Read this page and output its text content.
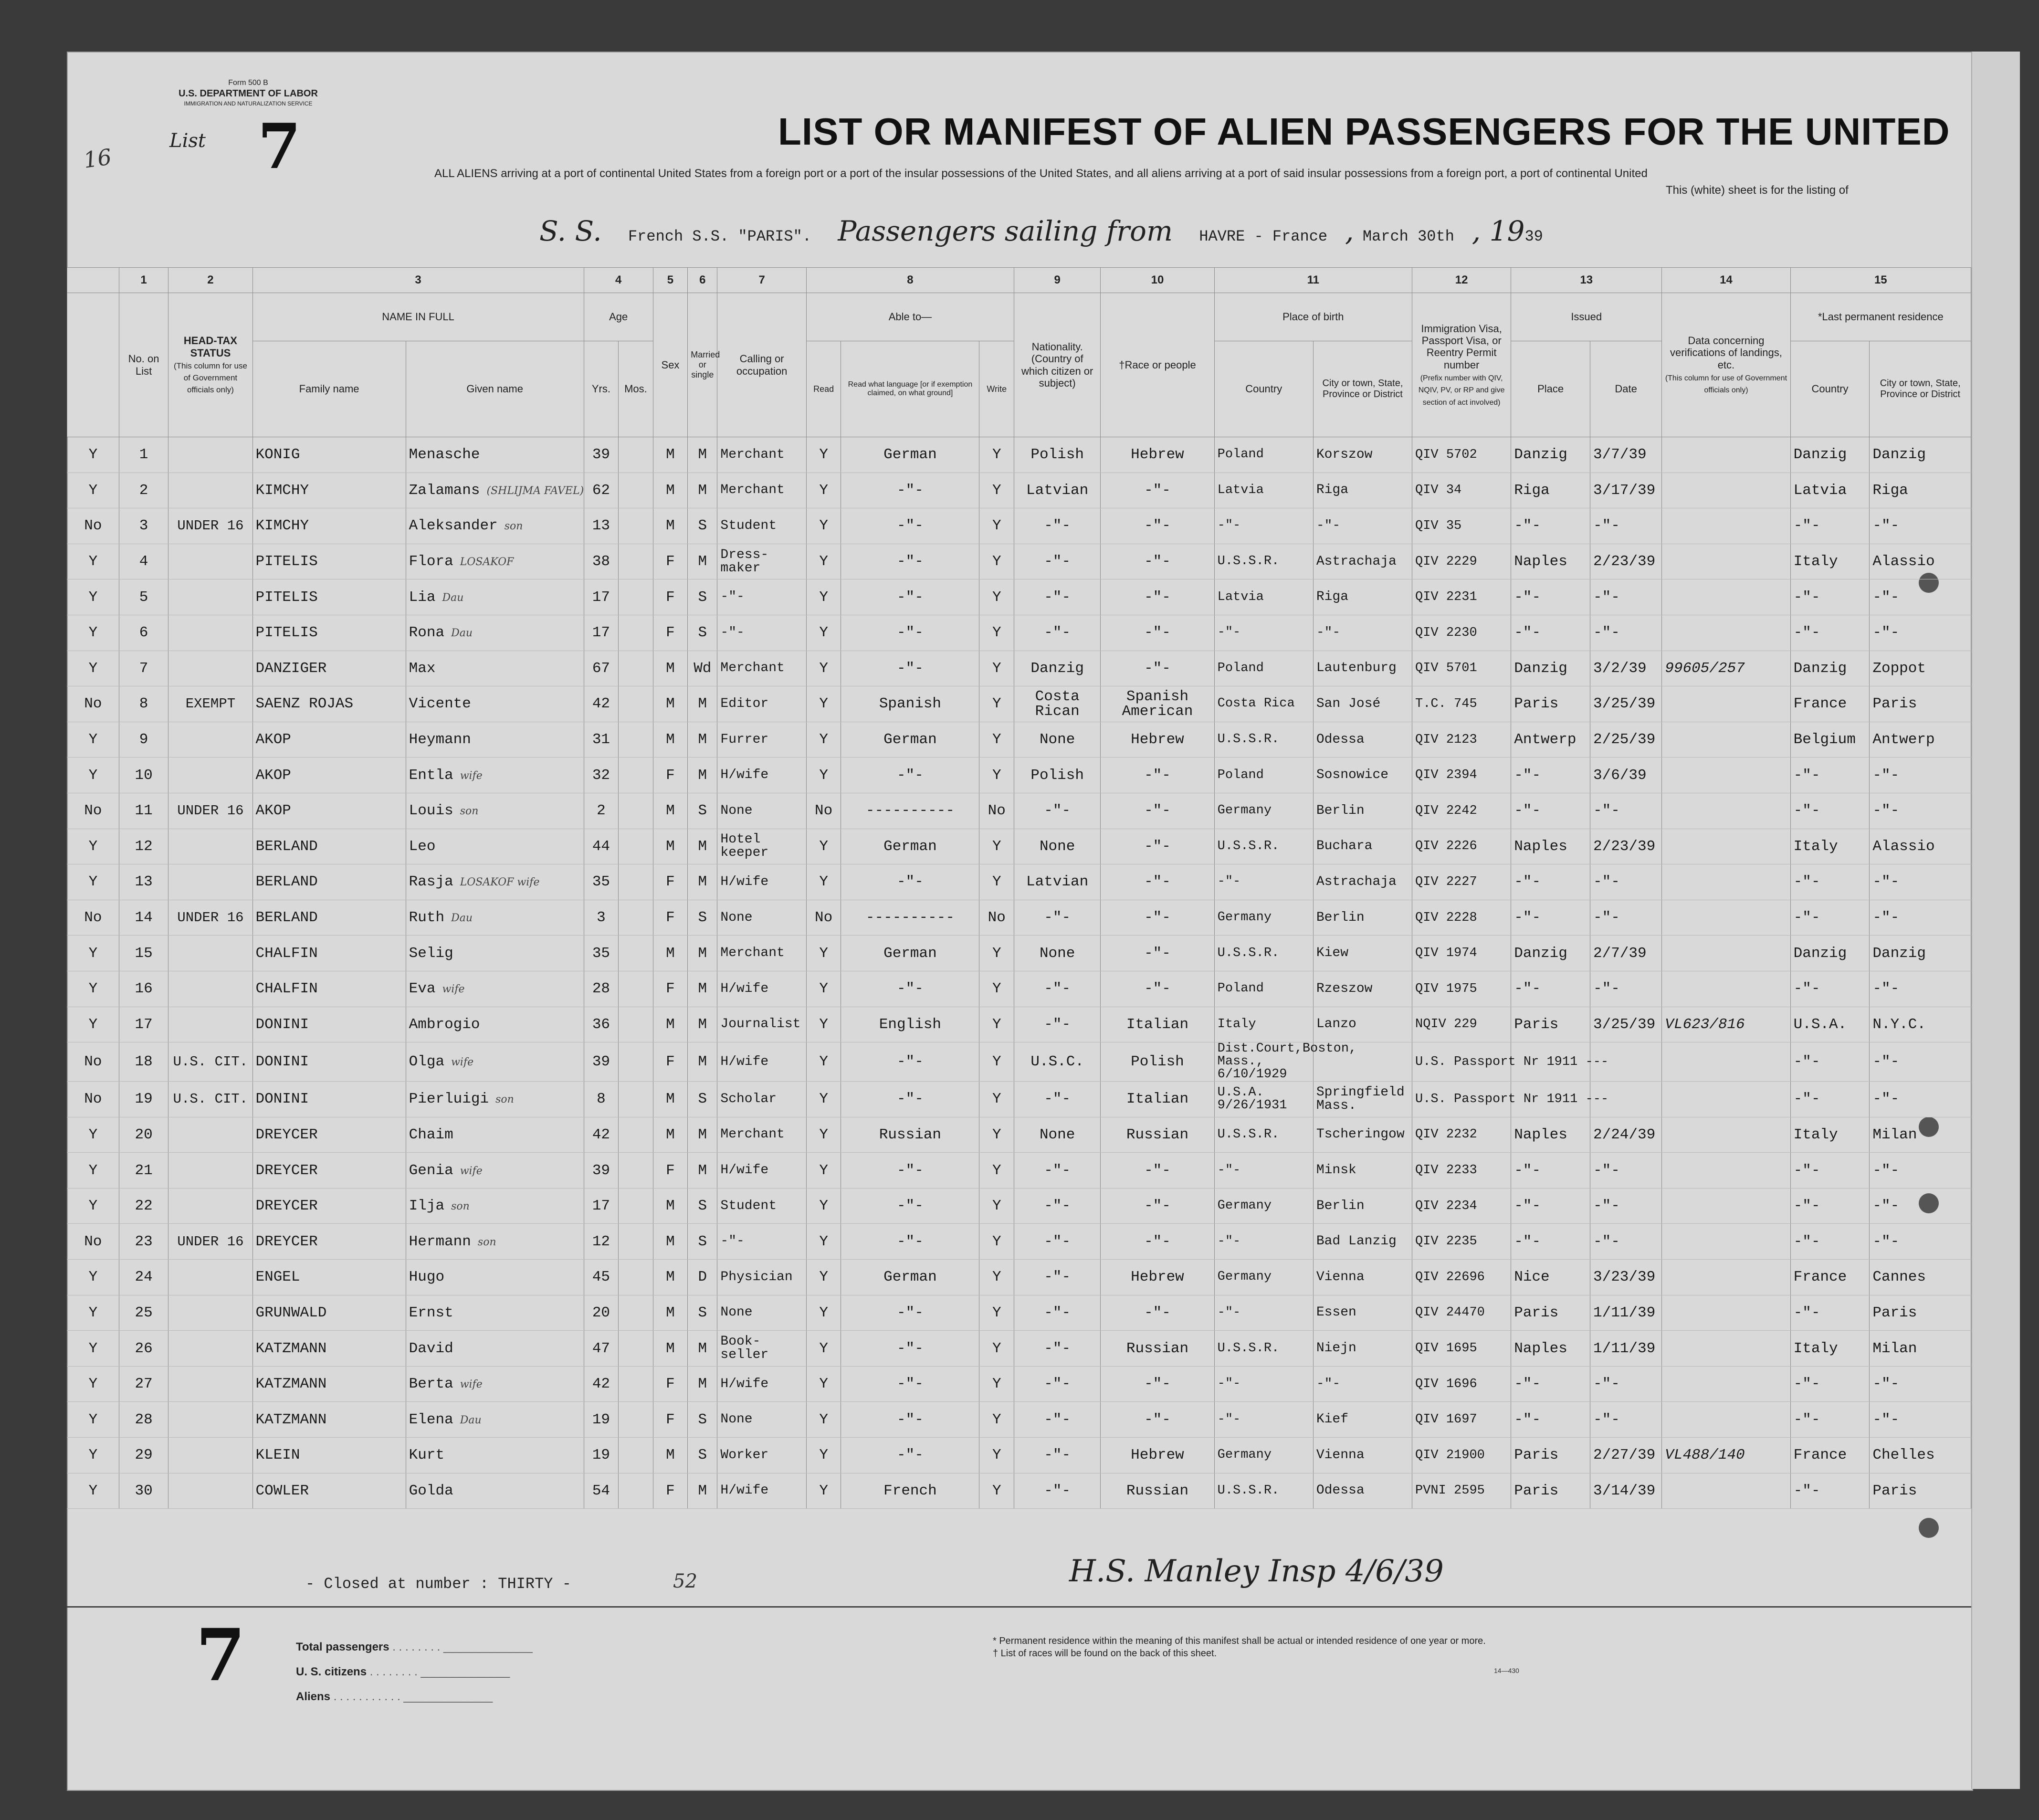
Form 500 B
U.S. DEPARTMENT OF LABOR
IMMIGRATION AND NATURALIZATION SERVICE
List 7
16
LIST OR MANIFEST OF ALIEN PASSENGERS FOR THE UNITED
ALL ALIENS arriving at a port of continental United States from a foreign port or a port of the insular possessions of the United States, and all aliens arriving at a port of said insular possessions from a foreign port, a port of continental United
This (white) sheet is for the listing of
S. S. French S.S. "PARIS". Passengers sailing from HAVRE - France  , March 30th  , 1939
	1	2	3		4		5	6	7	8			9	10	11		12	13		14	15	
	No. on List	HEAD-TAX STATUS
(This column for use of Government officials only)	NAME IN FULL		Age		Sex	Married or single	Calling or occupation	Able to—			Nationality. (Country of which citizen or subject)	†Race or people	Place of birth		Immigration Visa, Passport Visa, or Reentry Permit number
(Prefix number with QIV, NQIV, PV, or RP and give section of act involved)	Issued		Data concerning verifications of landings, etc.
(This column for use of Government officials only)	*Last permanent residence	
			Family name	Given name	Yrs.	Mos.				Read	Read what language [or if exemption claimed, on what ground]	Write			Country	City or town, State, Province or District		Place	Date		Country	City or town, State, Province or District
Y	1		KONIG	Menasche	39		M	M	Merchant	Y	German	Y	Polish	Hebrew	Poland	Korszow	QIV 5702	Danzig	3/7/39		Danzig	Danzig
Y	2		KIMCHY	Zalamans (SHLIJMA FAVEL)	62		M	M	Merchant	Y	-"-	Y	Latvian	-"-	Latvia	Riga	QIV 34	Riga	3/17/39		Latvia	Riga
No	3	UNDER 16	KIMCHY	Aleksander son	13		M	S	Student	Y	-"-	Y	-"-	-"-	-"-	-"-	QIV 35	-"-	-"-		-"-	-"-
Y	4		PITELIS	Flora LOSAKOF	38		F	M	Dress-maker	Y	-"-	Y	-"-	-"-	U.S.S.R.	Astrachaja	QIV 2229	Naples	2/23/39		Italy	Alassio
Y	5		PITELIS	Lia Dau	17		F	S	-"-	Y	-"-	Y	-"-	-"-	Latvia	Riga	QIV 2231	-"-	-"-		-"-	-"-
Y	6		PITELIS	Rona Dau	17		F	S	-"-	Y	-"-	Y	-"-	-"-	-"-	-"-	QIV 2230	-"-	-"-		-"-	-"-
Y	7		DANZIGER	Max	67		M	Wd	Merchant	Y	-"-	Y	Danzig	-"-	Poland	Lautenburg	QIV 5701	Danzig	3/2/39	99605/257	Danzig	Zoppot
No	8	EXEMPT	SAENZ ROJAS	Vicente	42		M	M	Editor	Y	Spanish	Y	Costa Rican	Spanish American	Costa Rica	San José	T.C. 745	Paris	3/25/39		France	Paris
Y	9		AKOP	Heymann	31		M	M	Furrer	Y	German	Y	None	Hebrew	U.S.S.R.	Odessa	QIV 2123	Antwerp	2/25/39		Belgium	Antwerp
Y	10		AKOP	Entla wife	32		F	M	H/wife	Y	-"-	Y	Polish	-"-	Poland	Sosnowice	QIV 2394	-"-	3/6/39		-"-	-"-
No	11	UNDER 16	AKOP	Louis son	2		M	S	None	No	----------	No	-"-	-"-	Germany	Berlin	QIV 2242	-"-	-"-		-"-	-"-
Y	12		BERLAND	Leo	44		M	M	Hotel keeper	Y	German	Y	None	-"-	U.S.S.R.	Buchara	QIV 2226	Naples	2/23/39		Italy	Alassio
Y	13		BERLAND	Rasja LOSAKOF wife	35		F	M	H/wife	Y	-"-	Y	Latvian	-"-	-"-	Astrachaja	QIV 2227	-"-	-"-		-"-	-"-
No	14	UNDER 16	BERLAND	Ruth Dau	3		F	S	None	No	----------	No	-"-	-"-	Germany	Berlin	QIV 2228	-"-	-"-		-"-	-"-
Y	15		CHALFIN	Selig	35		M	M	Merchant	Y	German	Y	None	-"-	U.S.S.R.	Kiew	QIV 1974	Danzig	2/7/39		Danzig	Danzig
Y	16		CHALFIN	Eva wife	28		F	M	H/wife	Y	-"-	Y	-"-	-"-	Poland	Rzeszow	QIV 1975	-"-	-"-		-"-	-"-
Y	17		DONINI	Ambrogio	36		M	M	Journalist	Y	English	Y	-"-	Italian	Italy	Lanzo	NQIV 229	Paris	3/25/39	VL623/816	U.S.A.	N.Y.C.
No	18	U.S. CIT.	DONINI	Olga wife	39		F	M	H/wife	Y	-"-	Y	U.S.C.	Polish	Dist.Court,Boston, Mass., 6/10/1929		U.S. Passport Nr 1911 ---				-"-	-"-
No	19	U.S. CIT.	DONINI	Pierluigi son	8		M	S	Scholar	Y	-"-	Y	-"-	Italian	U.S.A. 9/26/1931	Springfield Mass.	U.S. Passport Nr 1911 ---				-"-	-"-
Y	20		DREYCER	Chaim	42		M	M	Merchant	Y	Russian	Y	None	Russian	U.S.S.R.	Tscheringow	QIV 2232	Naples	2/24/39		Italy	Milan
Y	21		DREYCER	Genia wife	39		F	M	H/wife	Y	-"-	Y	-"-	-"-	-"-	Minsk	QIV 2233	-"-	-"-		-"-	-"-
Y	22		DREYCER	Ilja son	17		M	S	Student	Y	-"-	Y	-"-	-"-	Germany	Berlin	QIV 2234	-"-	-"-		-"-	-"-
No	23	UNDER 16	DREYCER	Hermann son	12		M	S	-"-	Y	-"-	Y	-"-	-"-	-"-	Bad Lanzig	QIV 2235	-"-	-"-		-"-	-"-
Y	24		ENGEL	Hugo	45		M	D	Physician	Y	German	Y	-"-	Hebrew	Germany	Vienna	QIV 22696	Nice	3/23/39		France	Cannes
Y	25		GRUNWALD	Ernst	20		M	S	None	Y	-"-	Y	-"-	-"-	-"-	Essen	QIV 24470	Paris	1/11/39		-"-	Paris
Y	26		KATZMANN	David	47		M	M	Book-seller	Y	-"-	Y	-"-	Russian	U.S.S.R.	Niejn	QIV 1695	Naples	1/11/39		Italy	Milan
Y	27		KATZMANN	Berta wife	42		F	M	H/wife	Y	-"-	Y	-"-	-"-	-"-	-"-	QIV 1696	-"-	-"-		-"-	-"-
Y	28		KATZMANN	Elena Dau	19		F	S	None	Y	-"-	Y	-"-	-"-	-"-	Kief	QIV 1697	-"-	-"-		-"-	-"-
Y	29		KLEIN	Kurt	19		M	S	Worker	Y	-"-	Y	-"-	Hebrew	Germany	Vienna	QIV 21900	Paris	2/27/39	VL488/140	France	Chelles
Y	30		COWLER	Golda	54		F	M	H/wife	Y	French	Y	-"-	Russian	U.S.S.R.	Odessa	PVNI 2595	Paris	3/14/39		-"-	Paris
- Closed at number : THIRTY -	52	H.S. Manley Insp 4/6/39
7	Total passengers . . . . . . . . ______________
U. S. citizens . . . . . . . . ______________
Aliens . . . . . . . . . . . ______________
* Permanent residence within the meaning of this manifest shall be actual or intended residence of one year or more.
† List of races will be found on the back of this sheet.
14—430
